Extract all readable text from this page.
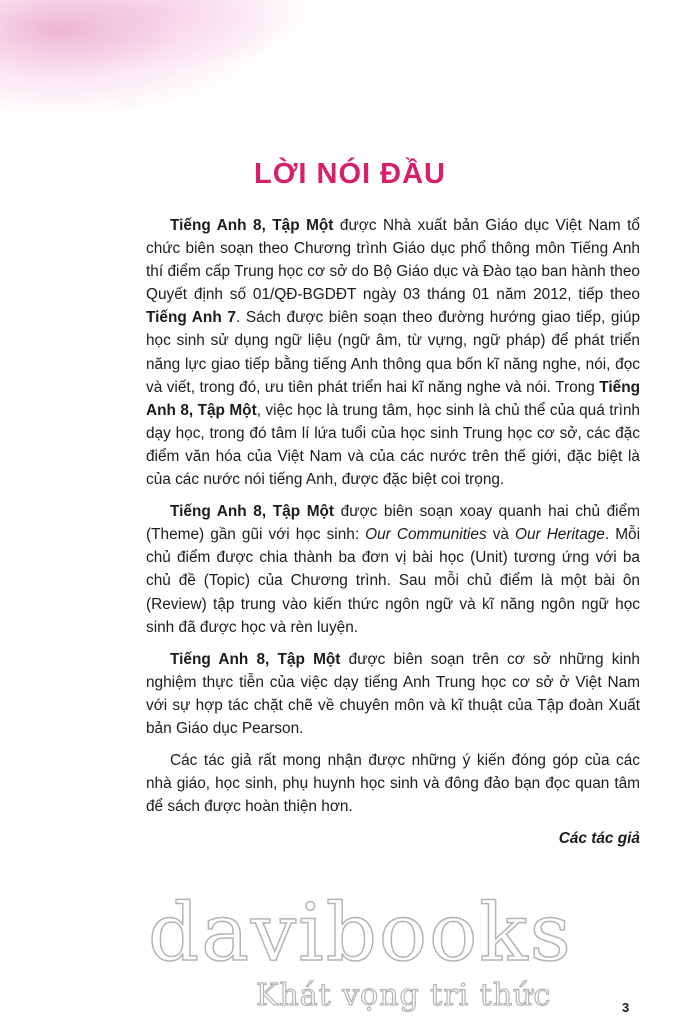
LỜI NÓI ĐẦU

Tiếng Anh 8, Tập Một được Nhà xuất bản Giáo dục Việt Nam tổ chức biên soạn theo Chương trình Giáo dục phổ thông môn Tiếng Anh thí điểm cấp Trung học cơ sở do Bộ Giáo dục và Đào tạo ban hành theo Quyết định số 01/QĐ-BGDĐT ngày 03 tháng 01 năm 2012, tiếp theo Tiếng Anh 7. Sách được biên soạn theo đường hướng giao tiếp, giúp học sinh sử dụng ngữ liệu (ngữ âm, từ vựng, ngữ pháp) để phát triển năng lực giao tiếp bằng tiếng Anh thông qua bốn kĩ năng nghe, nói, đọc và viết, trong đó, ưu tiên phát triển hai kĩ năng nghe và nói. Trong Tiếng Anh 8, Tập Một, việc học là trung tâm, học sinh là chủ thể của quá trình dạy học, trong đó tâm lí lứa tuổi của học sinh Trung học cơ sở, các đặc điểm văn hóa của Việt Nam và của các nước trên thế giới, đặc biệt là của các nước nói tiếng Anh, được đặc biệt coi trọng.

Tiếng Anh 8, Tập Một được biên soạn xoay quanh hai chủ điểm (Theme) gần gũi với học sinh: Our Communities và Our Heritage. Mỗi chủ điểm được chia thành ba đơn vị bài học (Unit) tương ứng với ba chủ đề (Topic) của Chương trình. Sau mỗi chủ điểm là một bài ôn (Review) tập trung vào kiến thức ngôn ngữ và kĩ năng ngôn ngữ học sinh đã được học và rèn luyện.

Tiếng Anh 8, Tập Một được biên soạn trên cơ sở những kinh nghiệm thực tiễn của việc dạy tiếng Anh Trung học cơ sở ở Việt Nam với sự hợp tác chặt chẽ về chuyên môn và kĩ thuật của Tập đoàn Xuất bản Giáo dục Pearson.

Các tác giả rất mong nhận được những ý kiến đóng góp của các nhà giáo, học sinh, phụ huynh học sinh và đông đảo bạn đọc quan tâm để sách được hoàn thiện hơn.

Các tác giả
davibooks
Khát vọng tri thức	3
